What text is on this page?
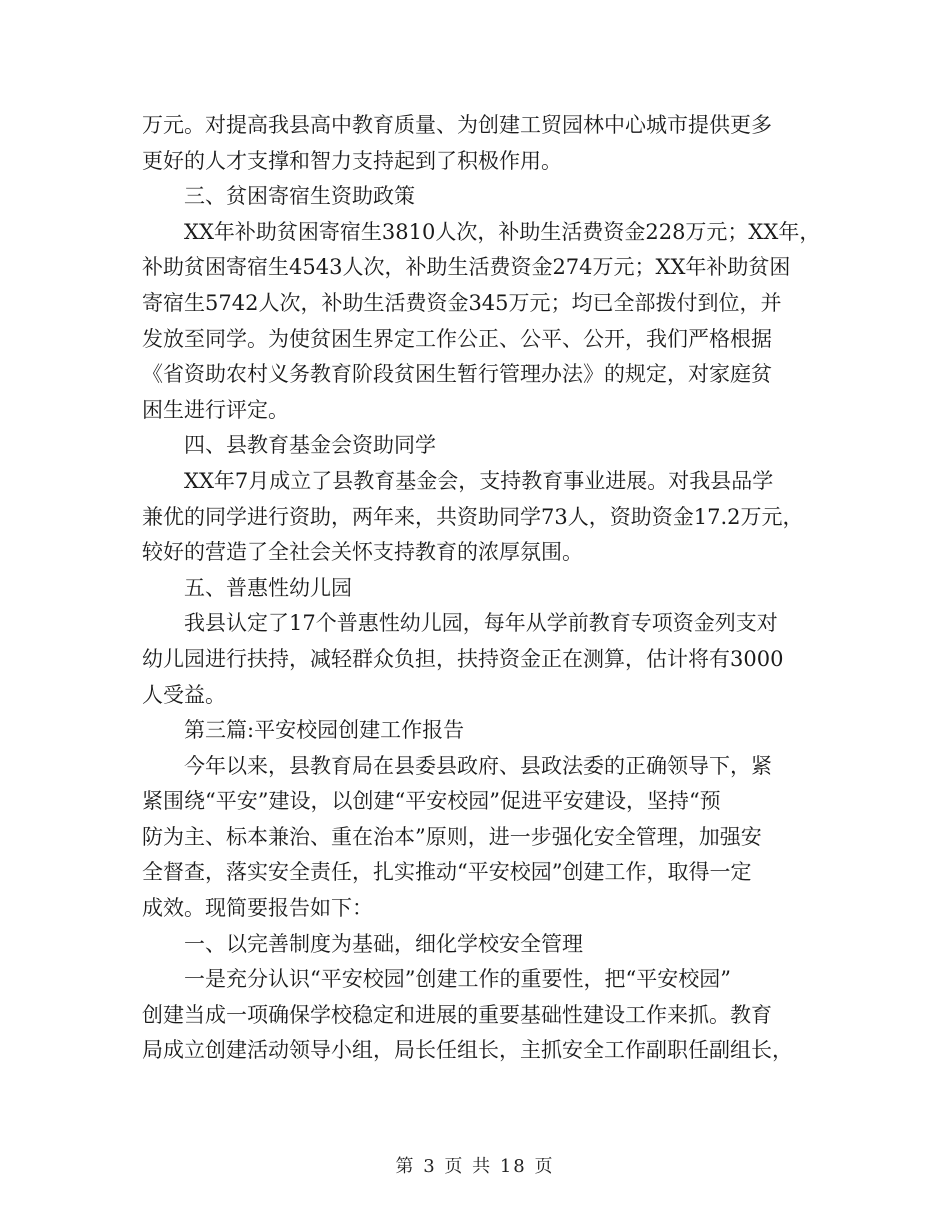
万元。对提高我县高中教育质量、为创建工贸园林中心城市提供更多
更好的人才支撑和智力支持起到了积极作用。
三、贫困寄宿生资助政策
XX年补助贫困寄宿生3810人次，补助生活费资金228万元；XX年，
补助贫困寄宿生4543人次，补助生活费资金274万元；XX年补助贫困
寄宿生5742人次，补助生活费资金345万元；均已全部拨付到位，并
发放至同学。为使贫困生界定工作公正、公平、公开，我们严格根据
《省资助农村义务教育阶段贫困生暂行管理办法》的规定，对家庭贫
困生进行评定。
四、县教育基金会资助同学
XX年7月成立了县教育基金会，支持教育事业进展。对我县品学
兼优的同学进行资助，两年来，共资助同学73人，资助资金17.2万元，
较好的营造了全社会关怀支持教育的浓厚氛围。
五、普惠性幼儿园
我县认定了17个普惠性幼儿园，每年从学前教育专项资金列支对
幼儿园进行扶持，减轻群众负担，扶持资金正在测算，估计将有3000
人受益。
第三篇:平安校园创建工作报告
今年以来，县教育局在县委县政府、县政法委的正确领导下，紧
紧围绕“平安”建设，以创建“平安校园”促进平安建设，坚持“预
防为主、标本兼治、重在治本”原则，进一步强化安全管理，加强安
全督查，落实安全责任，扎实推动“平安校园”创建工作，取得一定
成效。现简要报告如下：
一、以完善制度为基础，细化学校安全管理
一是充分认识“平安校园”创建工作的重要性，把“平安校园”
创建当成一项确保学校稳定和进展的重要基础性建设工作来抓。教育
局成立创建活动领导小组，局长任组长，主抓安全工作副职任副组长，
第 3 页 共 18 页
